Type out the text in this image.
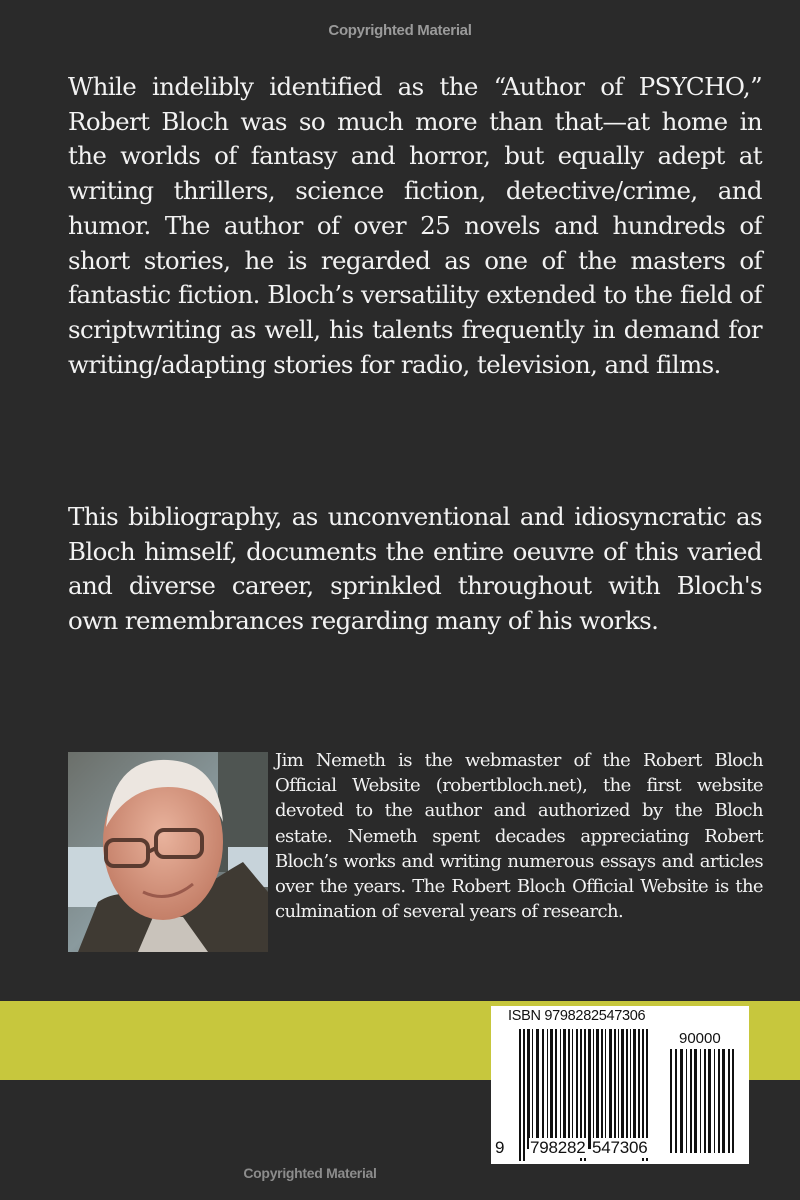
Copyrighted Material
While indelibly identified as the “Author of PSYCHO,” Robert Bloch was so much more than that—at home in the worlds of fantasy and horror, but equally adept at writing thrillers, science fiction, detective/crime, and humor. The author of over 25 novels and hundreds of short stories, he is regarded as one of the masters of fantastic fiction. Bloch’s versatility extended to the field of scriptwriting as well, his talents frequently in demand for writing/adapting stories for radio, television, and films.
This bibliography, as unconventional and idiosyncratic as Bloch himself, documents the entire oeuvre of this varied and diverse career, sprinkled throughout with Bloch's own remembrances regarding many of his works.
Jim Nemeth is the webmaster of the Robert Bloch Official Website (robertbloch.net), the first website devoted to the author and authorized by the Bloch estate. Nemeth spent decades appreciating Robert Bloch’s works and writing numerous essays and articles over the years. The Robert Bloch Official Website is the culmination of several years of research.
ISBN 9798282547306
90000
9 798282 547306
Copyrighted Material
